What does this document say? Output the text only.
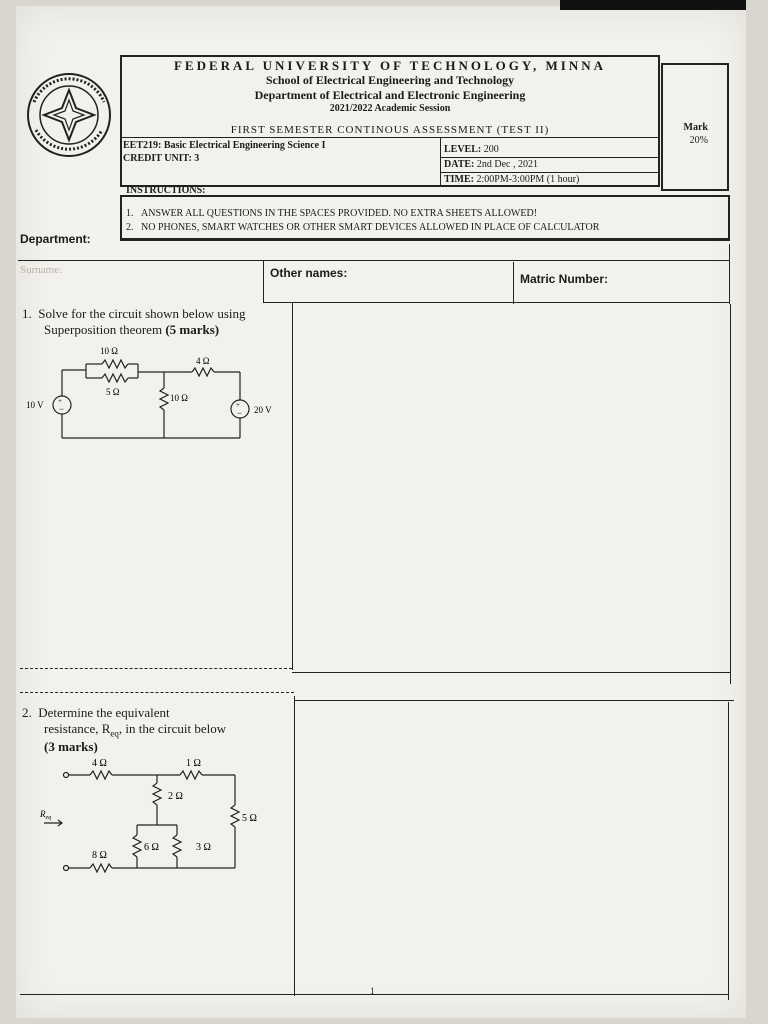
FEDERAL UNIVERSITY OF TECHNOLOGY, MINNA
School of Electrical Engineering and Technology
Department of Electrical and Electronic Engineering
2021/2022 Academic Session
FIRST SEMESTER CONTINOUS ASSESSMENT (TEST II)
EET219: Basic Electrical Engineering Science I
CREDIT UNIT: 3
LEVEL: 200
DATE: 2nd Dec , 2021
TIME: 2:00PM-3:00PM (1 hour)
Mark
20%
INSTRUCTIONS:
1. ANSWER ALL QUESTIONS IN THE SPACES PROVIDED. NO EXTRA SHEETS ALLOWED!
2. NO PHONES, SMART WATCHES OR OTHER SMART DEVICES ALLOWED IN PLACE OF CALCULATOR
Department:
Surname:	Other names:	Matric Number:
1. Solve for the circuit shown below using
Superposition theorem (5 marks)
+
−	+
−
10 Ω
5 Ω
4 Ω
10 Ω
10 V	20 V
2. Determine the equivalent
resistance, $R_{eq}$, in the circuit below
(3 marks)
4 Ω	1 Ω
2 Ω
5 Ω
6 Ω	3 Ω
8 Ω
$R_{eq}$
1
